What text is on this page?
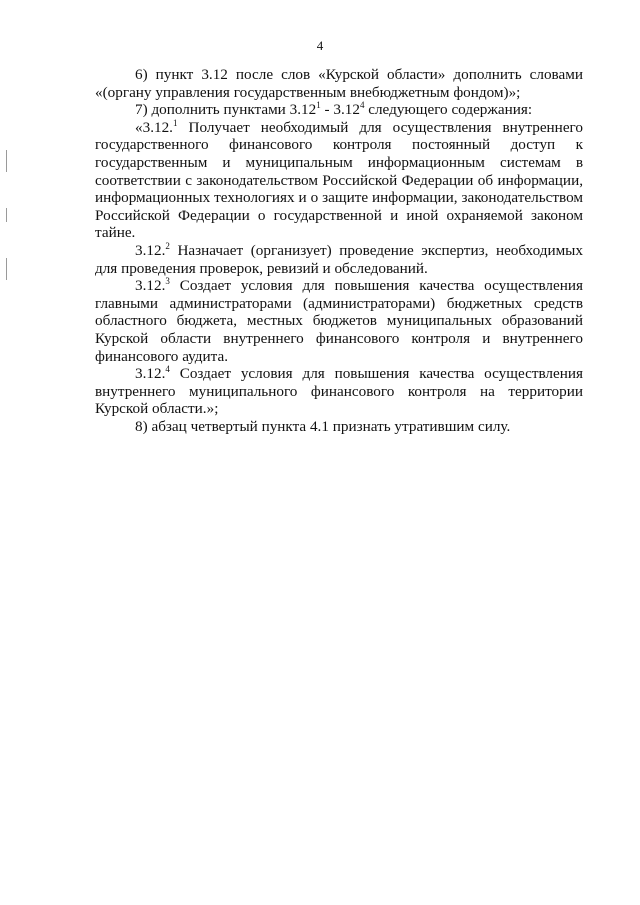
4

6) пункт 3.12 после слов «Курской области» дополнить словами «(органу управления государственным внебюджетным фондом)»;

7) дополнить пунктами 3.12$^1$ - 3.12$^4$ следующего содержания:

«3.12.$^1$ Получает необходимый для осуществления внутреннего государственного финансового контроля постоянный доступ к государственным и муниципальным информационным системам в соответствии с законодательством Российской Федерации об информации, информационных технологиях и о защите информации, законодательством Российской Федерации о государственной и иной охраняемой законом тайне.

3.12.$^2$ Назначает (организует) проведение экспертиз, необходимых для проведения проверок, ревизий и обследований.

3.12.$^3$ Создает условия для повышения качества осуществления главными администраторами (администраторами) бюджетных средств областного бюджета, местных бюджетов муниципальных образований Курской области внутреннего финансового контроля и внутреннего финансового аудита.

3.12.$^4$ Создает условия для повышения качества осуществления внутреннего муниципального финансового контроля на территории Курской области.»;

8) абзац четвертый пункта 4.1 признать утратившим силу.
